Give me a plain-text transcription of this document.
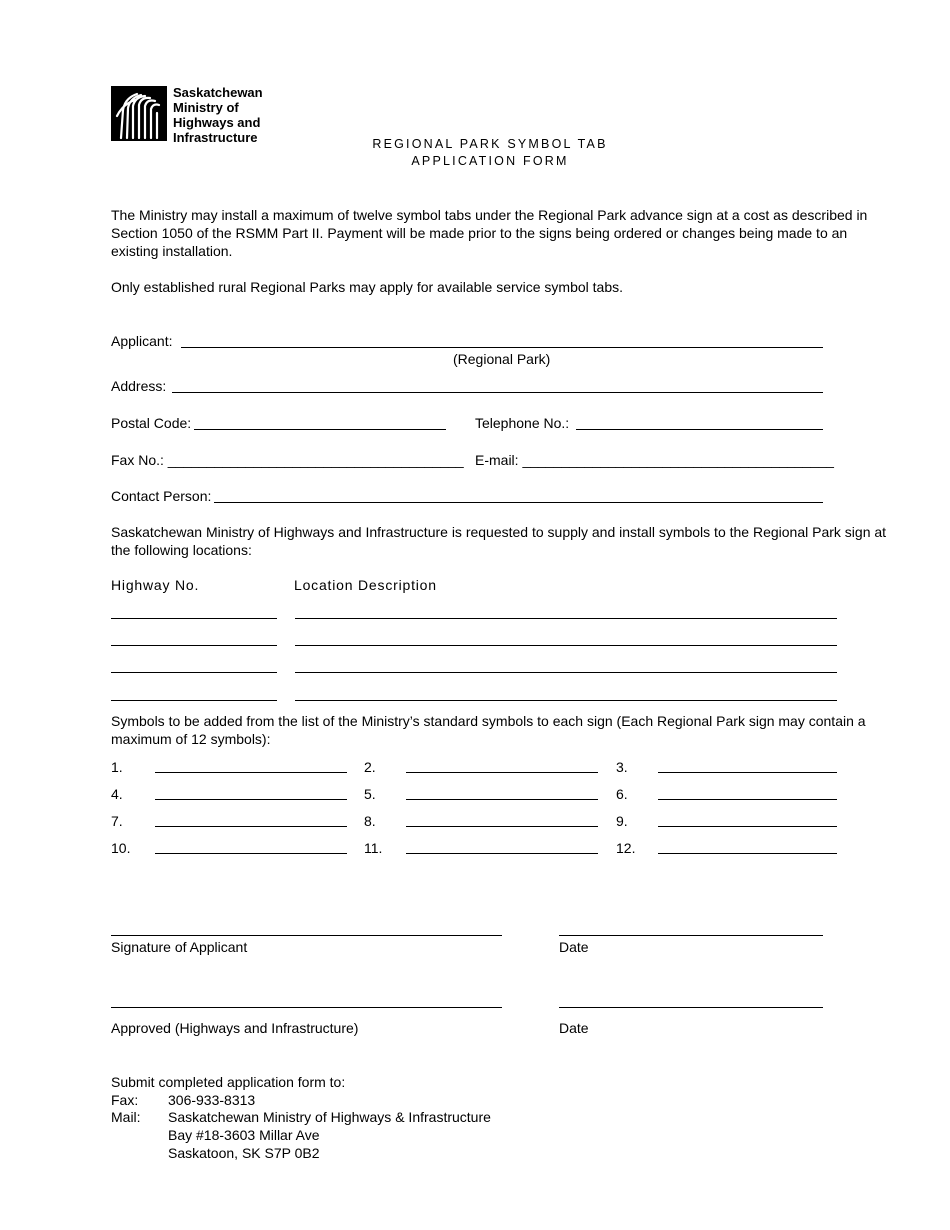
Saskatchewan
Ministry of
Highways and
Infrastructure	REGIONAL PARK SYMBOL TAB
APPLICATION FORM
The Ministry may install a maximum of twelve symbol tabs under the Regional Park advance sign at a cost as described in Section 1050 of the RSMM Part II. Payment will be made prior to the signs being ordered or changes being made to an existing installation.
Only established rural Regional Parks may apply for available service symbol tabs.
Applicant:
(Regional Park)
Address:
Postal Code:	Telephone No.:
Fax No.: ______________________________________ E-mail: ________________________________________
Contact Person:
Saskatchewan Ministry of Highways and Infrastructure is requested to supply and install symbols to the Regional Park sign at the following locations:
Highway No.	Location Description
Symbols to be added from the list of the Ministry’s standard symbols to each sign (Each Regional Park sign may contain a maximum of 12 symbols):
1.	2.	3.
4.	5.	6.
7.	8.	9.
10.	11.	12.
Signature of Applicant	Date
Approved (Highways and Infrastructure)	Date
Submit completed application form to:
Fax: 306-933-8313
Mail: Saskatchewan Ministry of Highways & Infrastructure
Bay #18-3603 Millar Ave
Saskatoon, SK S7P 0B2
